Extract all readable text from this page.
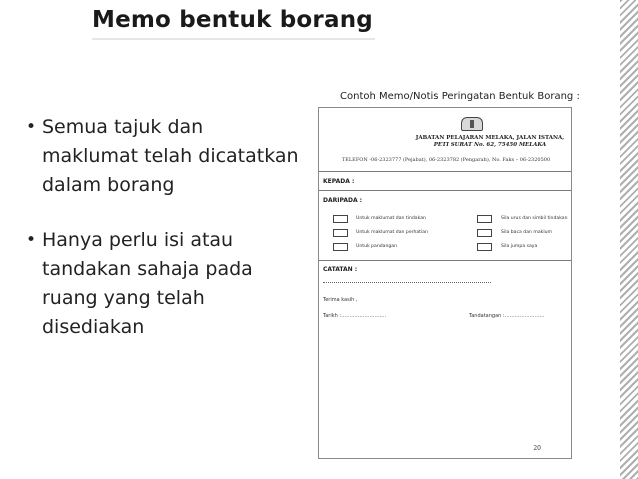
Memo bentuk borang
• Semua tajuk dan maklumat telah dicatatkan dalam borang
• Hanya perlu isi atau tandakan sahaja pada ruang yang telah disediakan
Contoh Memo/Notis Peringatan Bentuk Borang :
JABATAN PELAJARAN MELAKA, JALAN ISTANA,
PETI SURAT No. 62, 75450 MELAKA
TELEFON -06-2323777 (Pejabat), 06-2323782 (Pengarah), No. Faks – 06-2320500
KEPADA :
DARIPADA :
Untuk maklumat dan tindakan
Untuk maklumat dan perhatian
Untuk pandangan
Sila urus dan simbil tindakan
Sila baca dan maklum
Sila jumpa saya
CATATAN :
Terima kasih ,
Tarikh :………………………	Tandatangan :……………………
20
